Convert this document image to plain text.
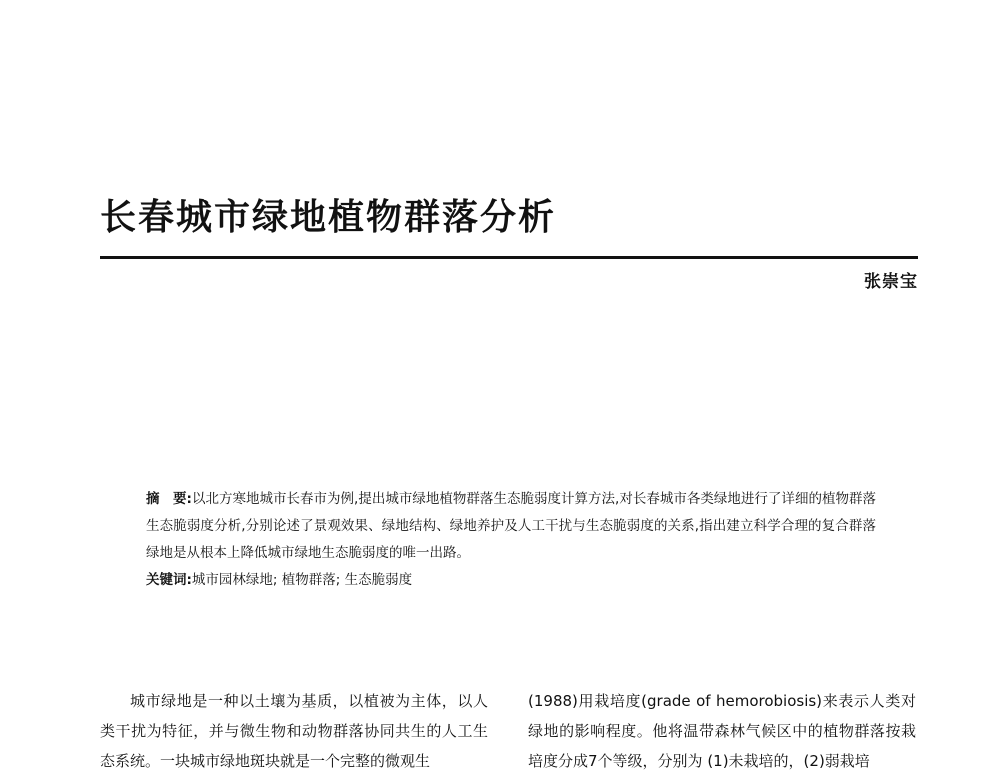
长春城市绿地植物群落分析
张崇宝

摘　要:以北方寒地城市长春市为例,提出城市绿地植物群落生态脆弱度计算方法,对长春城市各类绿地进行了详细的植物群落生态脆弱度分析,分别论述了景观效果、绿地结构、绿地养护及人工干扰与生态脆弱度的关系,指出建立科学合理的复合群落绿地是从根本上降低城市绿地生态脆弱度的唯一出路。

关键词:城市园林绿地; 植物群落; 生态脆弱度

城市绿地是一种以土壤为基质，以植被为主体，以人类干扰为特征，并与微生物和动物群落协同共生的人工生态系统。一块城市绿地斑块就是一个完整的微观生

(1988)用栽培度(grade of hemorobiosis)来表示人类对绿地的影响程度。他将温带森林气候区中的植物群落按栽培度分成7个等级，分别为 (1)未栽培的，(2)弱栽培
